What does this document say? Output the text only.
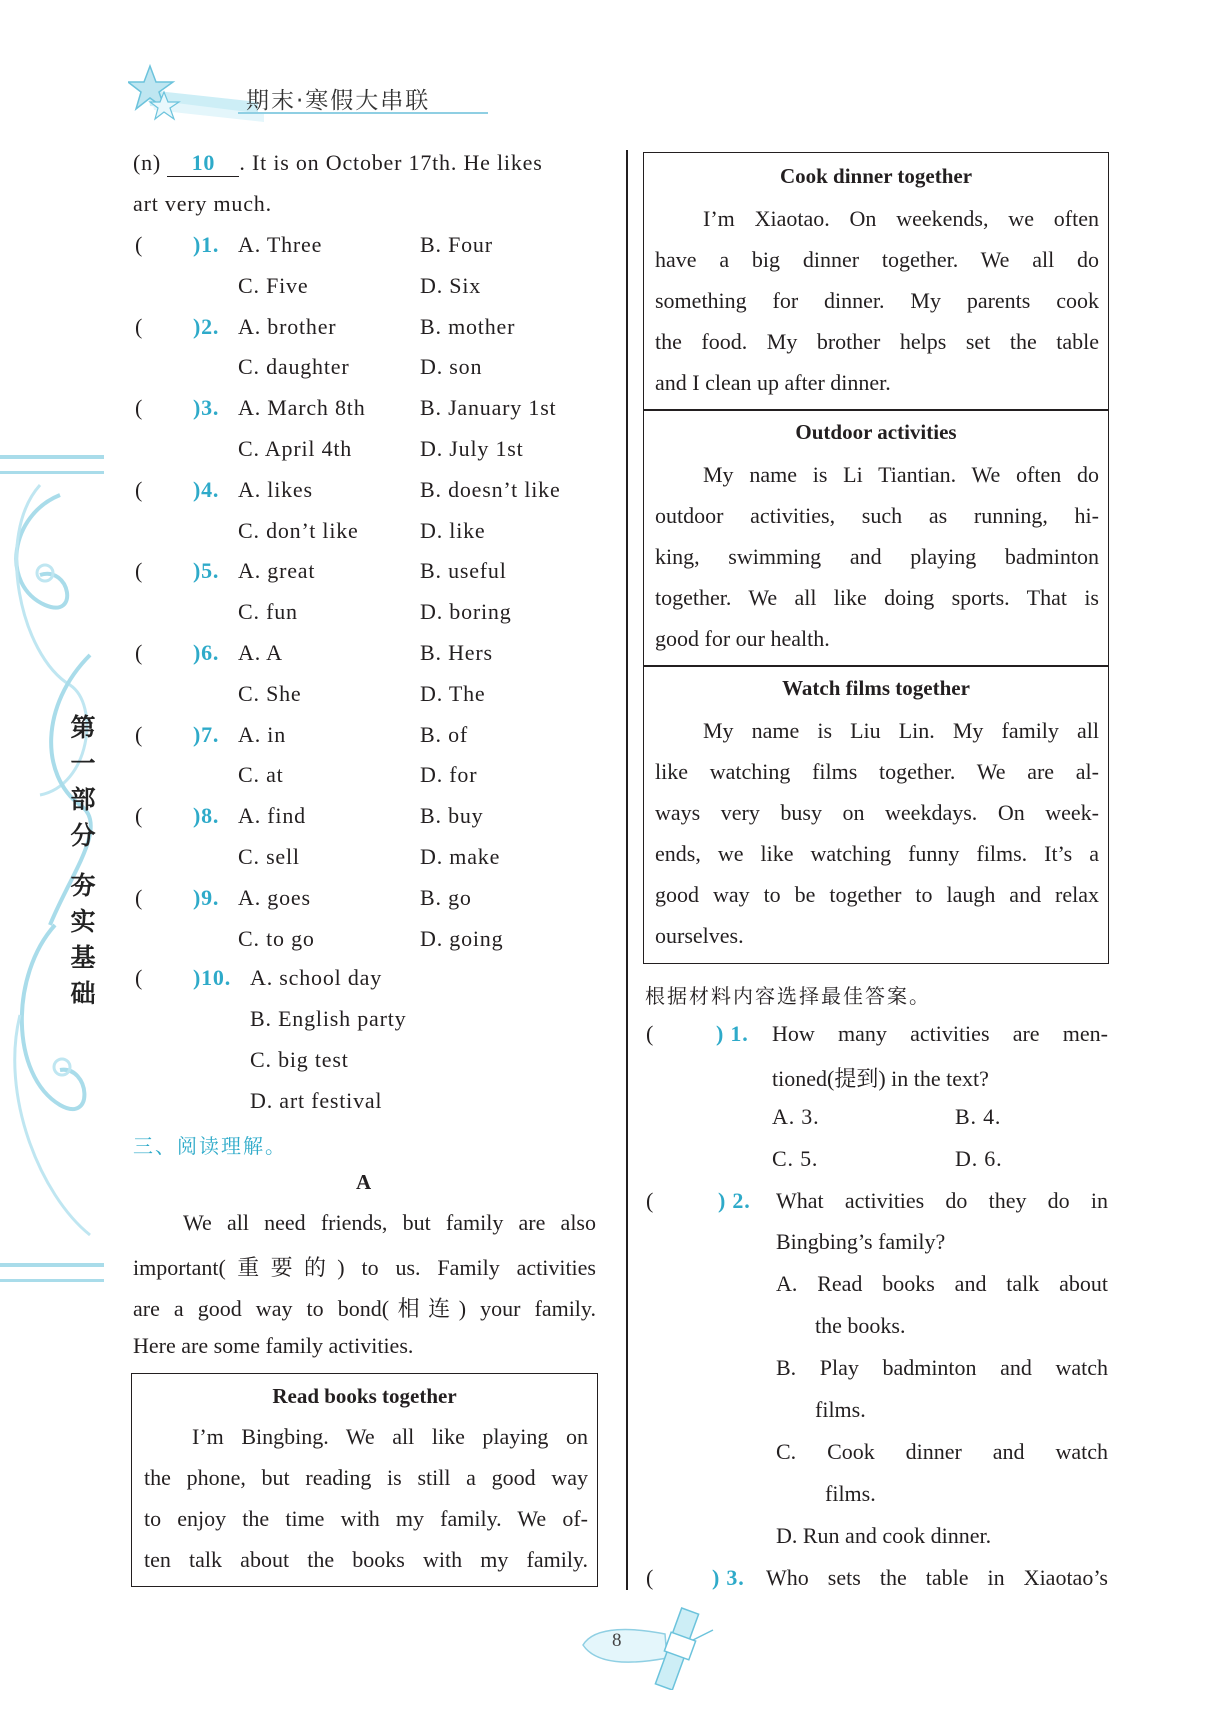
期末·寒假大串联
第
一
部
分
夯
实
基
础
(n) 10 . It is on October 17th. He likes
art very much.
( )1. A. Three	B. Four
C. Five	D. Six
( )2. A. brother	B. mother
C. daughter	D. son
( )3. A. March 8th B. January 1st
C. April 4th	D. July 1st
( )4. A. likes	B. doesn’t like
C. don’t like	D. like
( )5. A. great	B. useful
C. fun	D. boring
( )6. A. A	B. Hers
C. She	D. The
( )7. A. in	B. of
C. at	D. for
( )8. A. find	B. buy
C. sell	D. make
( )9. A. goes	B. go
C. to go	D. going
( )10. A. school day
B. English party
C. big test
D. art festival
三、阅读理解。
A
We all need friends, but family are also
important(重要的) to us. Family activities
are a good way to bond(相连) your family.
Here are some family activities.
Read books together
I’m Bingbing. We all like playing on
the phone, but reading is still a good way
to enjoy the time with my family. We of-
ten talk about the books with my family.
Cook dinner together
I’m Xiaotao. On weekends, we often
have a big dinner together. We all do
something for dinner. My parents cook
the food. My brother helps set the table
and I clean up after dinner.
Outdoor activities
My name is Li Tiantian. We often do
outdoor activities, such as running, hi-
king, swimming and playing badminton
together. We all like doing sports. That is
good for our health.
Watch films together
My name is Liu Lin. My family all
like watching films together. We are al-
ways very busy on weekdays. On week-
ends, we like watching funny films. It’s a
good way to be together to laugh and relax
ourselves.
根据材料内容选择最佳答案。
(	) 1. How many activities are men-
tioned(提到) in the text?
A. 3.	B. 4.
C. 5.	D. 6.
(	) 2. What activities do they do in
Bingbing’s family?
A. Read books and talk about
the books.
B. Play badminton and watch
films.
C. Cook dinner and watch
films.
D. Run and cook dinner.
(	) 3. Who sets the table in Xiaotao’s
8
